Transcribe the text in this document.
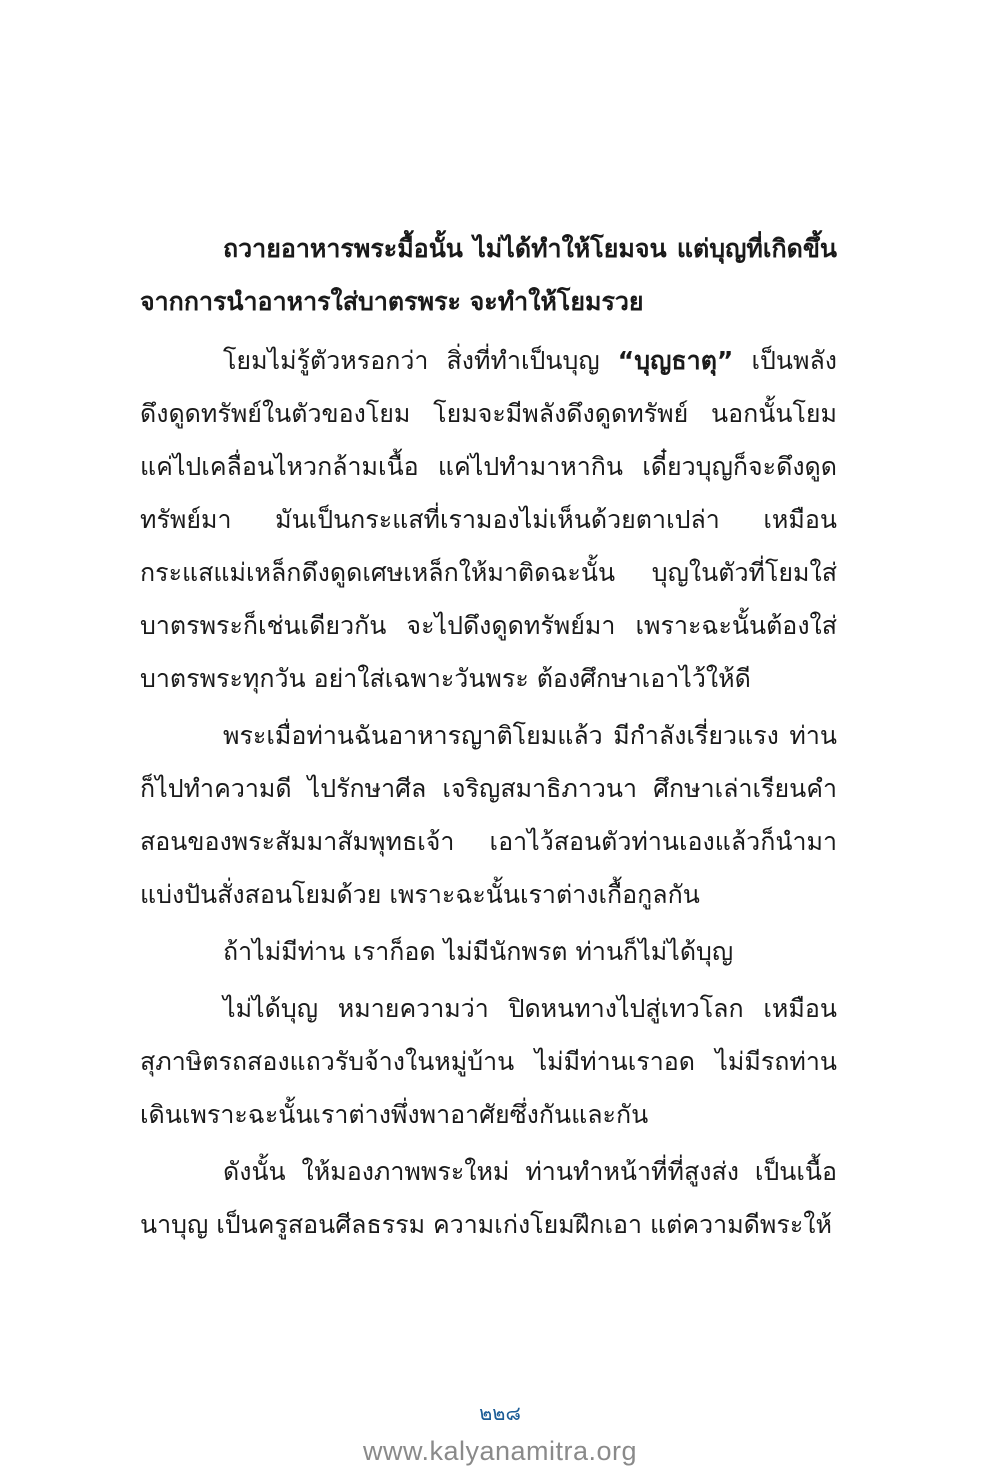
ถวายอาหารพระมื้อนั้น ไม่ได้ทำให้โยมจน แต่บุญที่เกิดขึ้นจากการนำอาหารใส่บาตรพระ จะทำให้โยมรวย

โยมไม่รู้ตัวหรอกว่า สิ่งที่ทำเป็นบุญ “บุญธาตุ” เป็นพลังดึงดูดทรัพย์ในตัวของโยม โยมจะมีพลังดึงดูดทรัพย์ นอกนั้นโยมแค่ไปเคลื่อนไหวกล้ามเนื้อ แค่ไปทำมาหากิน เดี๋ยวบุญก็จะดึงดูดทรัพย์มา มันเป็นกระแสที่เรามองไม่เห็นด้วยตาเปล่า เหมือนกระแสแม่เหล็กดึงดูดเศษเหล็กให้มาติดฉะนั้น บุญในตัวที่โยมใส่บาตรพระก็เช่นเดียวกัน จะไปดึงดูดทรัพย์มา เพราะฉะนั้นต้องใส่บาตรพระทุกวัน อย่าใส่เฉพาะวันพระ ต้องศึกษาเอาไว้ให้ดี

พระเมื่อท่านฉันอาหารญาติโยมแล้ว มีกำลังเรี่ยวแรง ท่านก็ไปทำความดี ไปรักษาศีล เจริญสมาธิภาวนา ศึกษาเล่าเรียนคำสอนของพระสัมมาสัมพุทธเจ้า เอาไว้สอนตัวท่านเองแล้วก็นำมาแบ่งปันสั่งสอนโยมด้วย เพราะฉะนั้นเราต่างเกื้อกูลกัน

ถ้าไม่มีท่าน เราก็อด ไม่มีนักพรต ท่านก็ไม่ได้บุญ

ไม่ได้บุญ หมายความว่า ปิดหนทางไปสู่เทวโลก เหมือนสุภาษิตรถสองแถวรับจ้างในหมู่บ้าน ไม่มีท่านเราอด ไม่มีรถท่านเดินเพราะฉะนั้นเราต่างพึ่งพาอาศัยซึ่งกันและกัน

ดังนั้น ให้มองภาพพระใหม่ ท่านทำหน้าที่ที่สูงส่ง เป็นเนื้อนาบุญ เป็นครูสอนศีลธรรม ความเก่งโยมฝึกเอา แต่ความดีพระให้

๒๒๘
www.kalyanamitra.org
